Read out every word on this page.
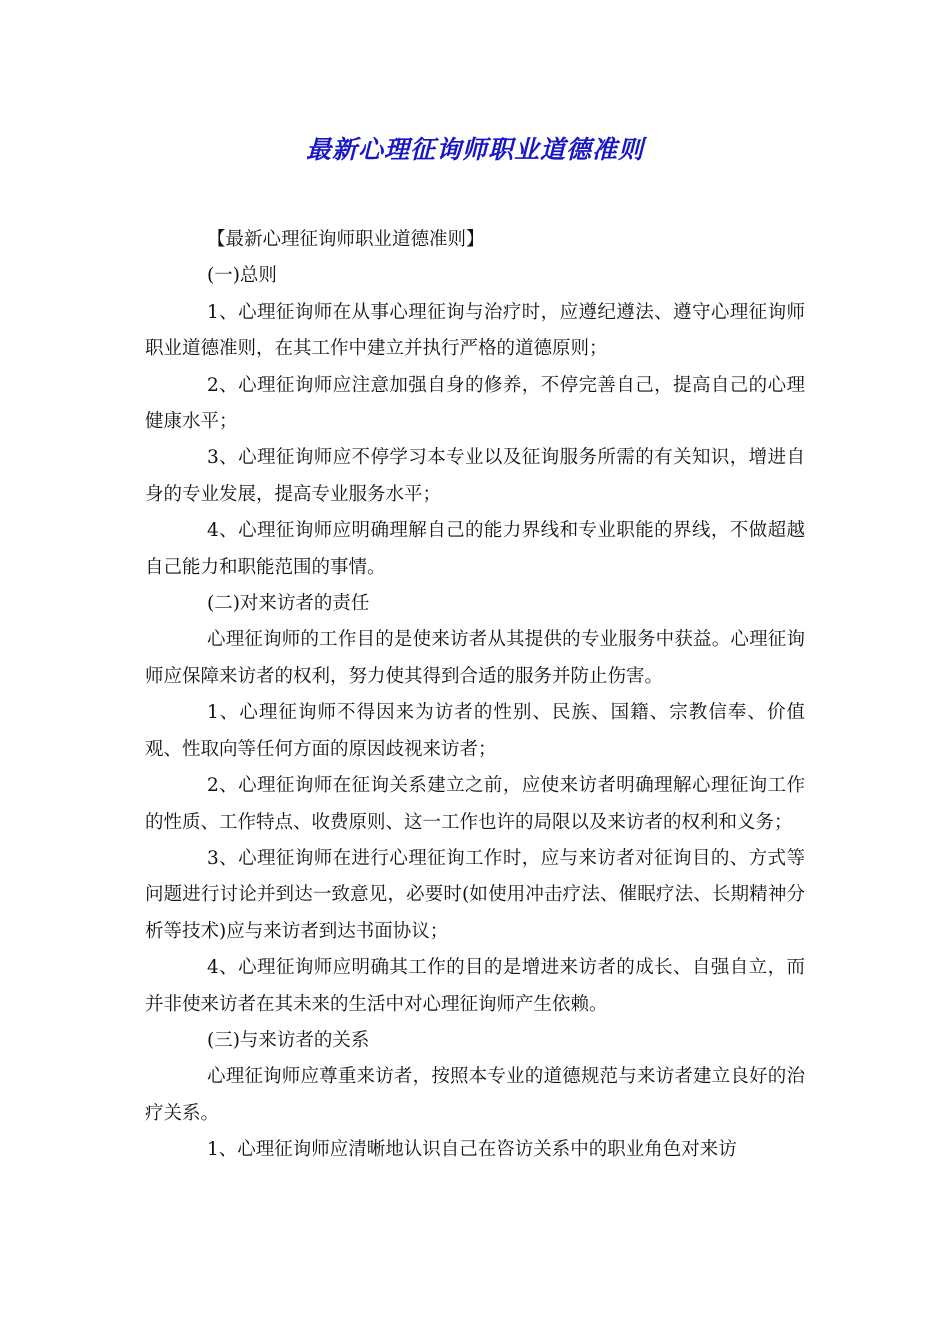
最新心理征询师职业道德准则

【最新心理征询师职业道德准则】

(一)总则

1、心理征询师在从事心理征询与治疗时，应遵纪遵法、遵守心理征询师职业道德准则，在其工作中建立并执行严格的道德原则；

2、心理征询师应注意加强自身的修养，不停完善自己，提高自己的心理健康水平；

3、心理征询师应不停学习本专业以及征询服务所需的有关知识，增进自身的专业发展，提高专业服务水平；

4、心理征询师应明确理解自己的能力界线和专业职能的界线，不做超越自己能力和职能范围的事情。

(二)对来访者的责任

心理征询师的工作目的是使来访者从其提供的专业服务中获益。心理征询师应保障来访者的权利，努力使其得到合适的服务并防止伤害。

1、心理征询师不得因来为访者的性别、民族、国籍、宗教信奉、价值观、性取向等任何方面的原因歧视来访者；

2、心理征询师在征询关系建立之前，应使来访者明确理解心理征询工作的性质、工作特点、收费原则、这一工作也许的局限以及来访者的权利和义务；

3、心理征询师在进行心理征询工作时，应与来访者对征询目的、方式等问题进行讨论并到达一致意见，必要时(如使用冲击疗法、催眠疗法、长期精神分析等技术)应与来访者到达书面协议；

4、心理征询师应明确其工作的目的是增进来访者的成长、自强自立，而并非使来访者在其未来的生活中对心理征询师产生依赖。

(三)与来访者的关系

心理征询师应尊重来访者，按照本专业的道德规范与来访者建立良好的治疗关系。

1、心理征询师应清晰地认识自己在咨访关系中的职业角色对来访
